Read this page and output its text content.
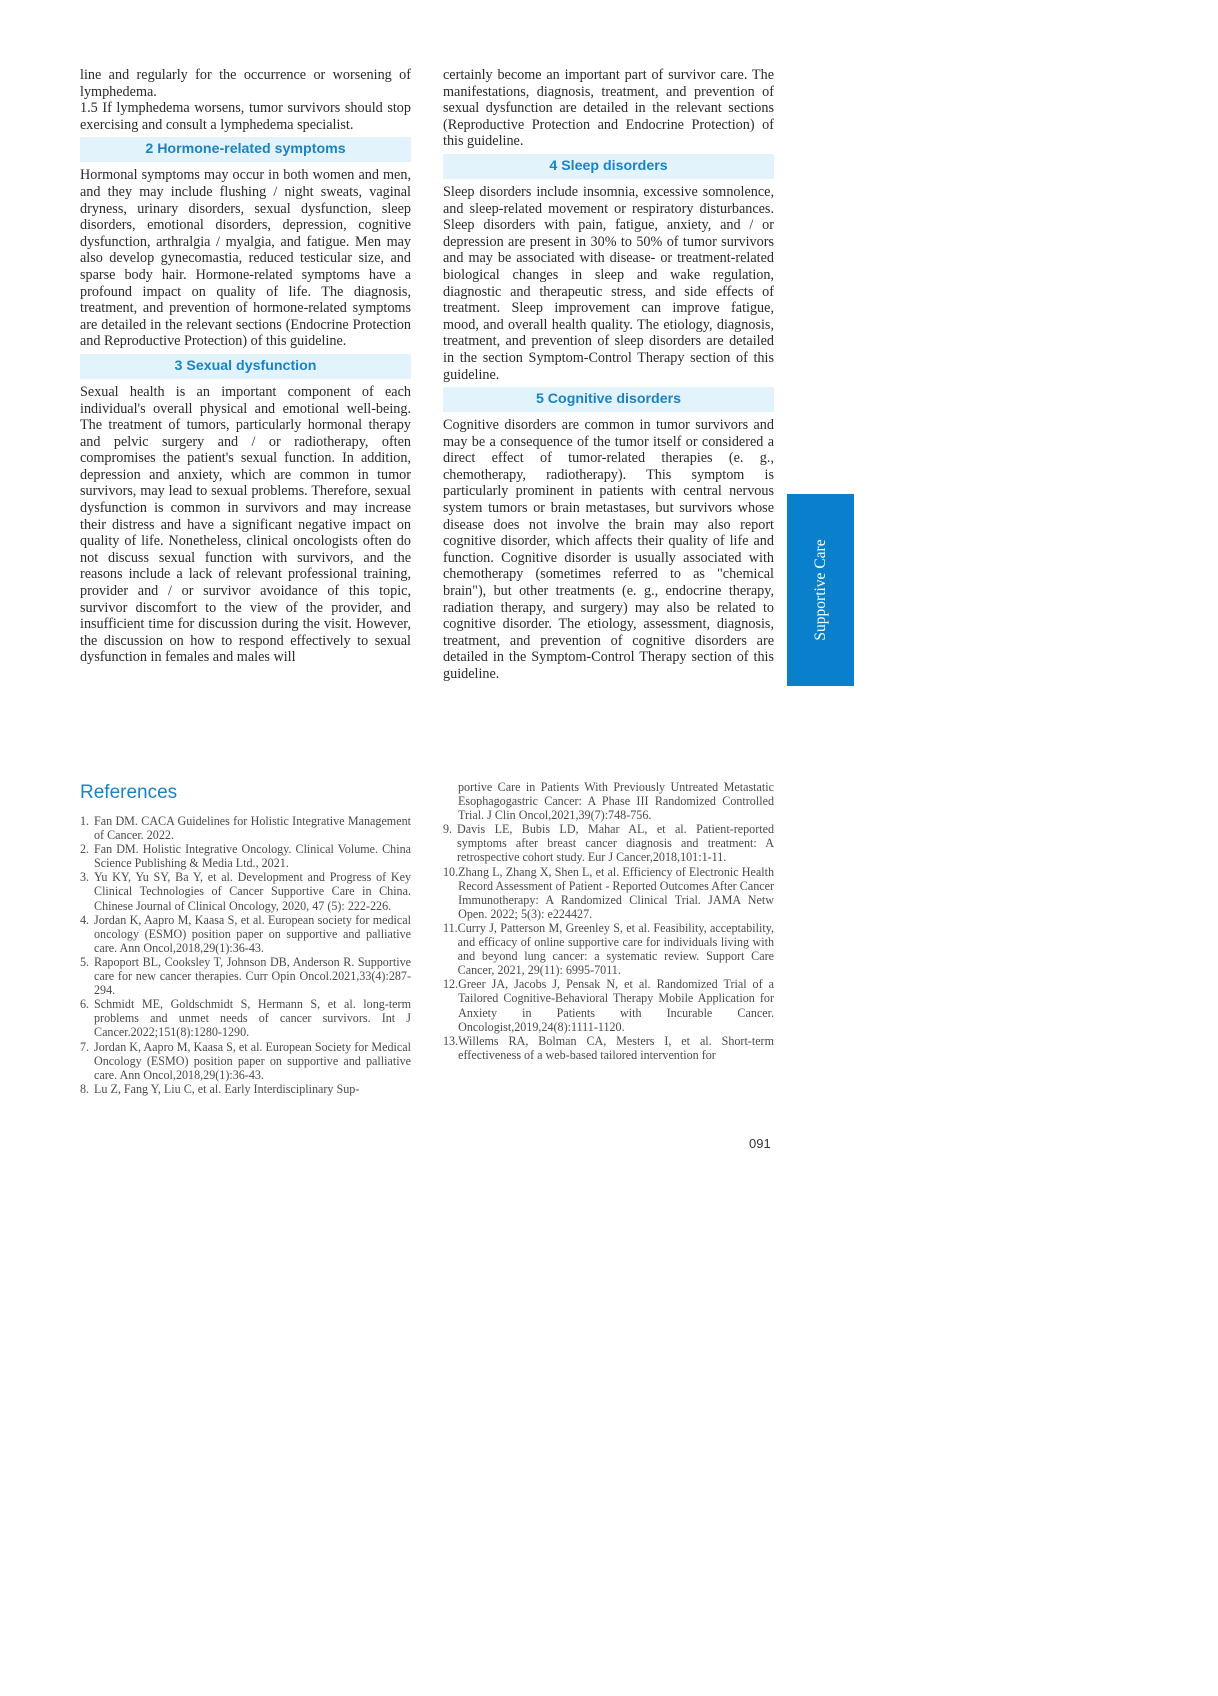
line and regularly for the occurrence or worsening of lymphedema.

1.5 If lymphedema worsens, tumor survivors should stop exercising and consult a lymphedema specialist.

2 Hormone-related symptoms

Hormonal symptoms may occur in both women and men, and they may include flushing / night sweats, vaginal dryness, urinary disorders, sexual dysfunction, sleep disorders, emotional disorders, depression, cognitive dysfunction, arthralgia / myalgia, and fatigue. Men may also develop gynecomastia, reduced testicular size, and sparse body hair. Hormone-related symptoms have a profound impact on quality of life. The diagnosis, treatment, and prevention of hormone-related symptoms are detailed in the relevant sections (Endocrine Protection and Reproductive Protection) of this guideline.

3 Sexual dysfunction

Sexual health is an important component of each individual's overall physical and emotional well-being. The treatment of tumors, particularly hormonal therapy and pelvic surgery and / or radiotherapy, often compromises the patient's sexual function. In addition, depression and anxiety, which are common in tumor survivors, may lead to sexual problems. Therefore, sexual dysfunction is common in survivors and may increase their distress and have a significant negative impact on quality of life. Nonetheless, clinical oncologists often do not discuss sexual function with survivors, and the reasons include a lack of relevant professional training, provider and / or survivor avoidance of this topic, survivor discomfort to the view of the provider, and insufficient time for discussion during the visit. However, the discussion on how to respond effectively to sexual dysfunction in females and males will

certainly become an important part of survivor care. The manifestations, diagnosis, treatment, and prevention of sexual dysfunction are detailed in the relevant sections (Reproductive Protection and Endocrine Protection) of this guideline.

4 Sleep disorders

Sleep disorders include insomnia, excessive somnolence, and sleep-related movement or respiratory disturbances. Sleep disorders with pain, fatigue, anxiety, and / or depression are present in 30% to 50% of tumor survivors and may be associated with disease- or treatment-related biological changes in sleep and wake regulation, diagnostic and therapeutic stress, and side effects of treatment. Sleep improvement can improve fatigue, mood, and overall health quality. The etiology, diagnosis, treatment, and prevention of sleep disorders are detailed in the section Symptom-Control Therapy section of this guideline.

5 Cognitive disorders

Cognitive disorders are common in tumor survivors and may be a consequence of the tumor itself or considered a direct effect of tumor-related therapies (e. g., chemotherapy, radiotherapy). This symptom is particularly prominent in patients with central nervous system tumors or brain metastases, but survivors whose disease does not involve the brain may also report cognitive disorder, which affects their quality of life and function. Cognitive disorder is usually associated with chemotherapy (sometimes referred to as "chemical brain"), but other treatments (e. g., endocrine therapy, radiation therapy, and surgery) may also be related to cognitive disorder. The etiology, assessment, diagnosis, treatment, and prevention of cognitive disorders are detailed in the Symptom-Control Therapy section of this guideline.

Supportive Care
References
1. Fan DM. CACA Guidelines for Holistic Integrative Management of Cancer. 2022.
2. Fan DM. Holistic Integrative Oncology. Clinical Volume. China Science Publishing & Media Ltd., 2021.
3. Yu KY, Yu SY, Ba Y, et al. Development and Progress of Key Clinical Technologies of Cancer Supportive Care in China. Chinese Journal of Clinical Oncology, 2020, 47 (5): 222-226.
4. Jordan K, Aapro M, Kaasa S, et al. European society for medical oncology (ESMO) position paper on supportive and palliative care. Ann Oncol,2018,29(1):36-43.
5. Rapoport BL, Cooksley T, Johnson DB, Anderson R. Supportive care for new cancer therapies. Curr Opin Oncol.2021,33(4):287-294.
6. Schmidt ME, Goldschmidt S, Hermann S, et al. long-term problems and unmet needs of cancer survivors. Int J Cancer.2022;151(8):1280-1290.
7. Jordan K, Aapro M, Kaasa S, et al. European Society for Medical Oncology (ESMO) position paper on supportive and palliative care. Ann Oncol,2018,29(1):36-43.
8. Lu Z, Fang Y, Liu C, et al. Early Interdisciplinary Sup-
portive Care in Patients With Previously Untreated Metastatic Esophagogastric Cancer: A Phase III Randomized Controlled Trial. J Clin Oncol,2021,39(7):748-756.
9. Davis LE, Bubis LD, Mahar AL, et al. Patient-reported symptoms after breast cancer diagnosis and treatment: A retrospective cohort study. Eur J Cancer,2018,101:1-11.
10. Zhang L, Zhang X, Shen L, et al. Efficiency of Electronic Health Record Assessment of Patient - Reported Outcomes After Cancer Immunotherapy: A Randomized Clinical Trial. JAMA Netw Open. 2022; 5(3): e224427.
11. Curry J, Patterson M, Greenley S, et al. Feasibility, acceptability, and efficacy of online supportive care for individuals living with and beyond lung cancer: a systematic review. Support Care Cancer, 2021, 29(11): 6995-7011.
12. Greer JA, Jacobs J, Pensak N, et al. Randomized Trial of a Tailored Cognitive-Behavioral Therapy Mobile Application for Anxiety in Patients with Incurable Cancer. Oncologist,2019,24(8):1111-1120.
13. Willems RA, Bolman CA, Mesters I, et al. Short-term effectiveness of a web-based tailored intervention for
091
